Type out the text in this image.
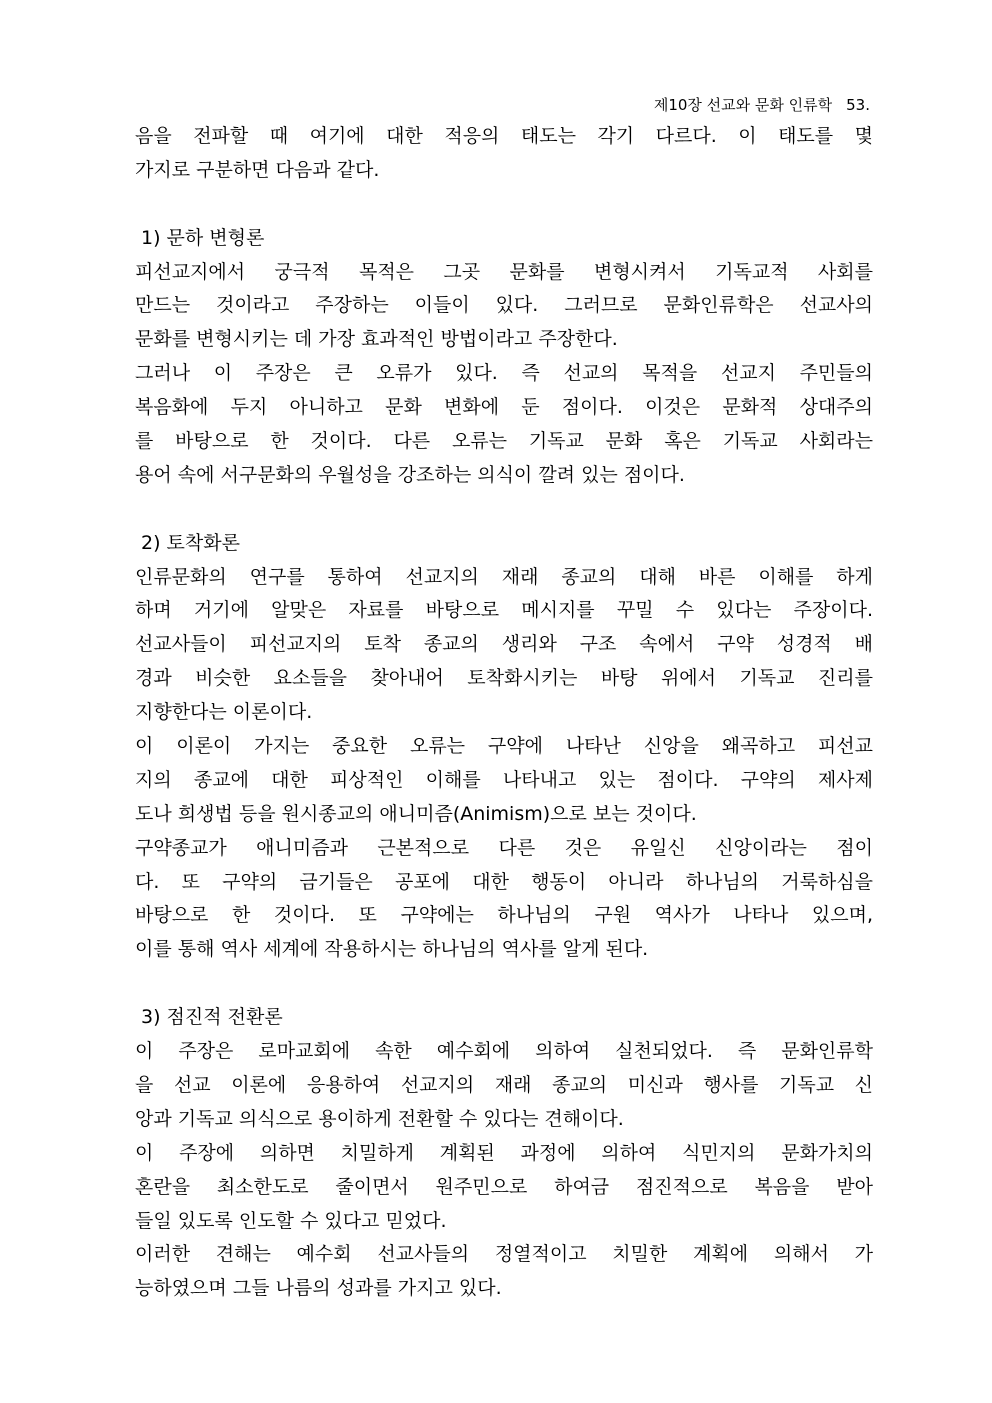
제10장 선교와 문화 인류학 53.
음을 전파할 때 여기에 대한 적응의 태도는 각기 다르다. 이 태도를 몇
가지로 구분하면 다음과 같다.
1) 문하 변형론
피선교지에서 궁극적 목적은 그곳 문화를 변형시켜서 기독교적 사회를
만드는 것이라고 주장하는 이들이 있다. 그러므로 문화인류학은 선교사의
문화를 변형시키는 데 가장 효과적인 방법이라고 주장한다.
그러나 이 주장은 큰 오류가 있다. 즉 선교의 목적을 선교지 주민들의
복음화에 두지 아니하고 문화 변화에 둔 점이다. 이것은 문화적 상대주의
를 바탕으로 한 것이다. 다른 오류는 기독교 문화 혹은 기독교 사회라는
용어 속에 서구문화의 우월성을 강조하는 의식이 깔려 있는 점이다.
2) 토착화론
인류문화의 연구를 통하여 선교지의 재래 종교의 대해 바른 이해를 하게
하며 거기에 알맞은 자료를 바탕으로 메시지를 꾸밀 수 있다는 주장이다.
선교사들이 피선교지의 토착 종교의 생리와 구조 속에서 구약 성경적 배
경과 비슷한 요소들을 찾아내어 토착화시키는 바탕 위에서 기독교 진리를
지향한다는 이론이다.
이 이론이 가지는 중요한 오류는 구약에 나타난 신앙을 왜곡하고 피선교
지의 종교에 대한 피상적인 이해를 나타내고 있는 점이다. 구약의 제사제
도나 희생법 등을 원시종교의 애니미즘(Animism)으로 보는 것이다.
구약종교가 애니미즘과 근본적으로 다른 것은 유일신 신앙이라는 점이
다. 또 구약의 금기들은 공포에 대한 행동이 아니라 하나님의 거룩하심을
바탕으로 한 것이다. 또 구약에는 하나님의 구원 역사가 나타나 있으며,
이를 통해 역사 세계에 작용하시는 하나님의 역사를 알게 된다.
3) 점진적 전환론
이 주장은 로마교회에 속한 예수회에 의하여 실천되었다. 즉 문화인류학
을 선교 이론에 응용하여 선교지의 재래 종교의 미신과 행사를 기독교 신
앙과 기독교 의식으로 용이하게 전환할 수 있다는 견해이다.
이 주장에 의하면 치밀하게 계획된 과정에 의하여 식민지의 문화가치의
혼란을 최소한도로 줄이면서 원주민으로 하여금 점진적으로 복음을 받아
들일 있도록 인도할 수 있다고 믿었다.
이러한 견해는 예수회 선교사들의 정열적이고 치밀한 계획에 의해서 가
능하였으며 그들 나름의 성과를 가지고 있다.
